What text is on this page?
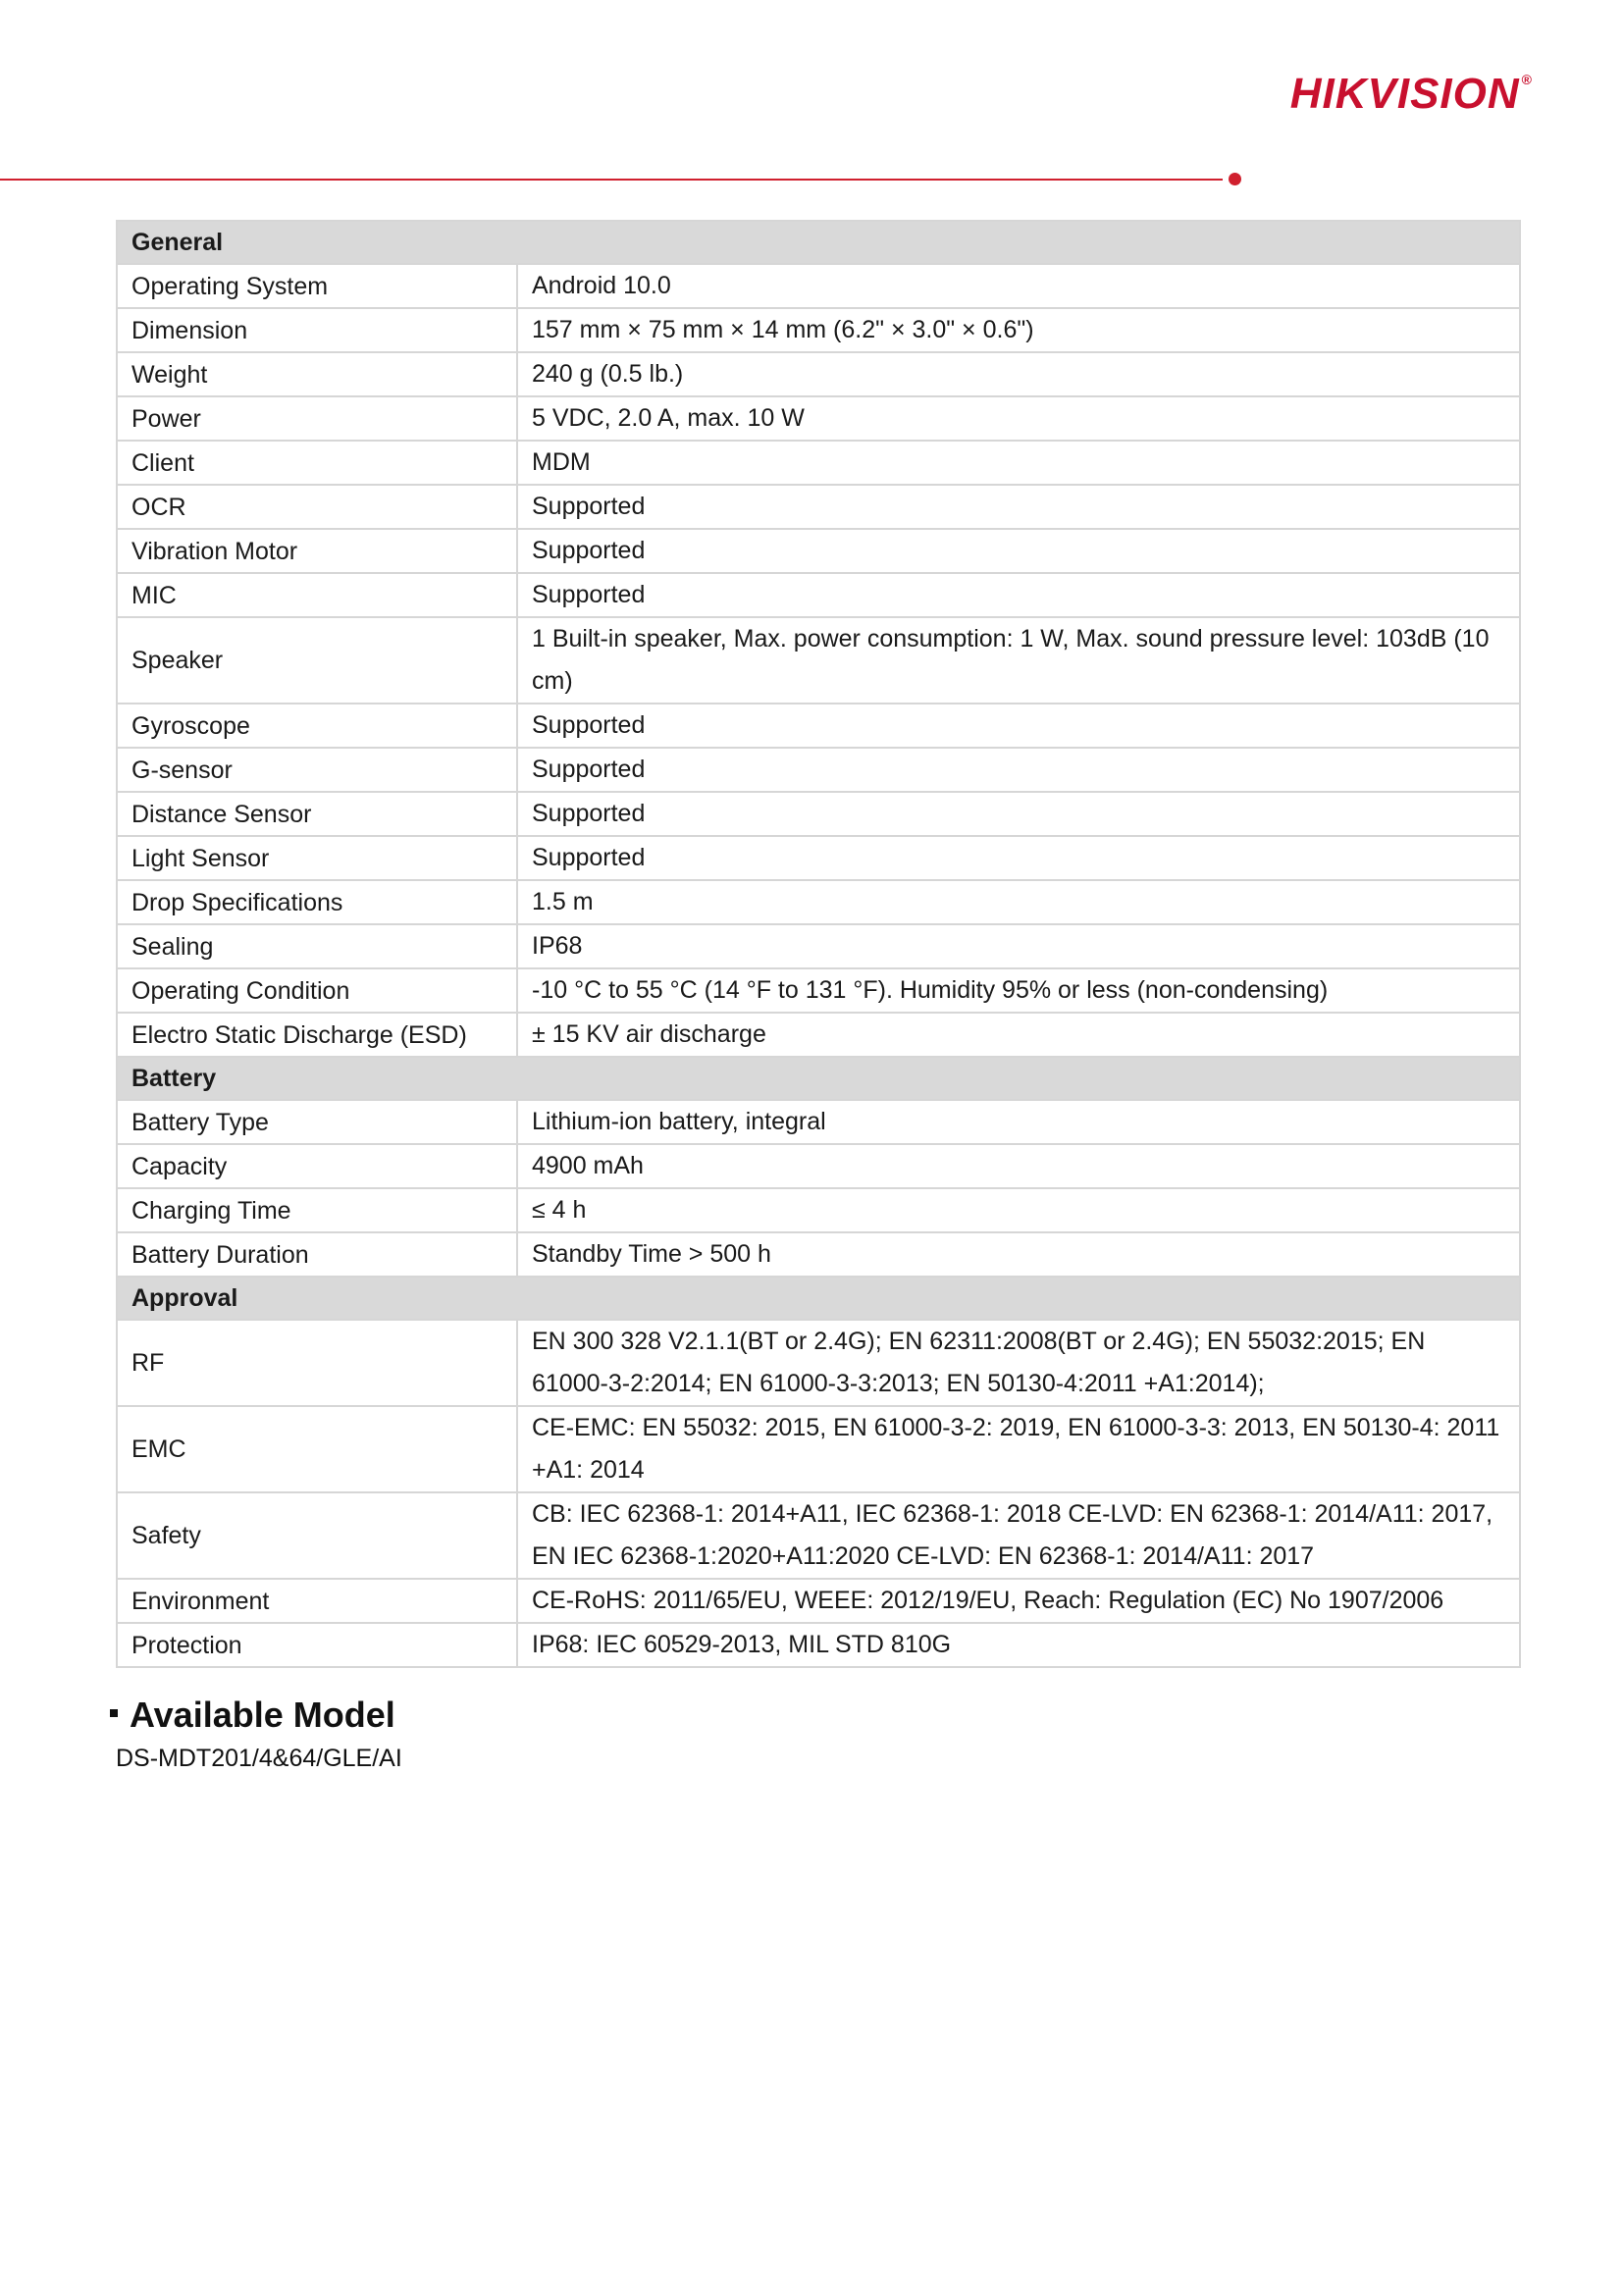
HIKVISION ®
General	
Operating System	Android 10.0
Dimension	157 mm × 75 mm × 14 mm (6.2" × 3.0" × 0.6")
Weight	240 g (0.5 lb.)
Power	5 VDC, 2.0 A, max. 10 W
Client	MDM
OCR	Supported
Vibration Motor	Supported
MIC	Supported
Speaker	1 Built-in speaker, Max. power consumption: 1 W, Max. sound pressure level: 103dB (10 cm)
Gyroscope	Supported
G-sensor	Supported
Distance Sensor	Supported
Light Sensor	Supported
Drop Specifications	1.5 m
Sealing	IP68
Operating Condition	-10 °C to 55 °C (14 °F to 131 °F). Humidity 95% or less (non-condensing)
Electro Static Discharge (ESD)	± 15 KV air discharge
Battery	
Battery Type	Lithium-ion battery, integral
Capacity	4900 mAh
Charging Time	≤ 4 h
Battery Duration	Standby Time > 500 h
Approval	
RF	EN 300 328 V2.1.1(BT or 2.4G); EN 62311:2008(BT or 2.4G); EN 55032:2015; EN 61000-3-2:2014; EN 61000-3-3:2013; EN 50130-4:2011 +A1:2014);
EMC	CE-EMC: EN 55032: 2015, EN 61000-3-2: 2019, EN 61000-3-3: 2013, EN 50130-4: 2011 +A1: 2014
Safety	CB: IEC 62368-1: 2014+A11, IEC 62368-1: 2018 CE-LVD: EN 62368-1: 2014/A11: 2017, EN IEC 62368-1:2020+A11:2020 CE-LVD: EN 62368-1: 2014/A11: 2017
Environment	CE-RoHS: 2011/65/EU, WEEE: 2012/19/EU, Reach: Regulation (EC) No 1907/2006
Protection	IP68: IEC 60529-2013, MIL STD 810G
Available Model
DS-MDT201/4&64/GLE/AI
